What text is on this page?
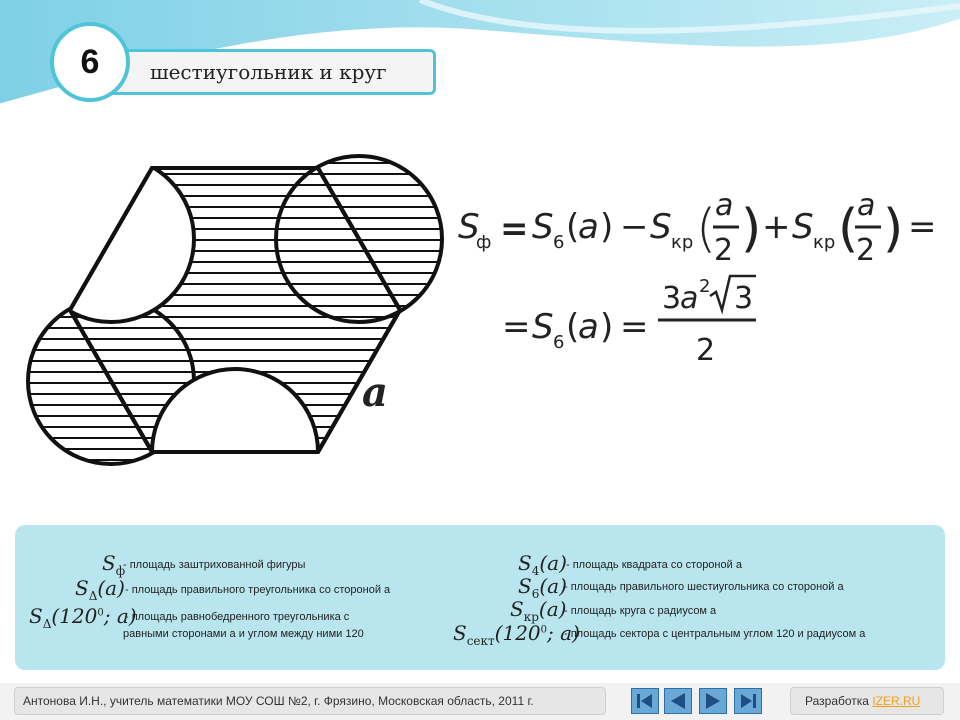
6	шестиугольник и круг
a
S
ф = S 6 (
a ) − S кр (
a
2 ) + S кр (
a
2 ) =
= S 6 (
a ) =
3
a 2 3
2
$S_ф$
- площадь заштрихованной фигуры
$S_\Delta(a)$ - площадь правильного треугольника со стороной a
$S_\Delta(120^0$; a)
- площадь равнобедренного треугольника с
равными сторонами a и углом между ними 120
$S_4(a)$ - площадь квадрата со стороной a
$S_6(a)$
- площадь правильного шестиугольника со стороной a
$S_{кр}(a)$
- площадь круга с радиусом a
$S_{сект}(120^0$; a)
- площадь сектора с центральным углом 120 и радиусом a
Антонова И.Н., учитель математики МОУ СОШ №2, г. Фрязино, Московская область, 2011 г.	Разработка IZER.RU
